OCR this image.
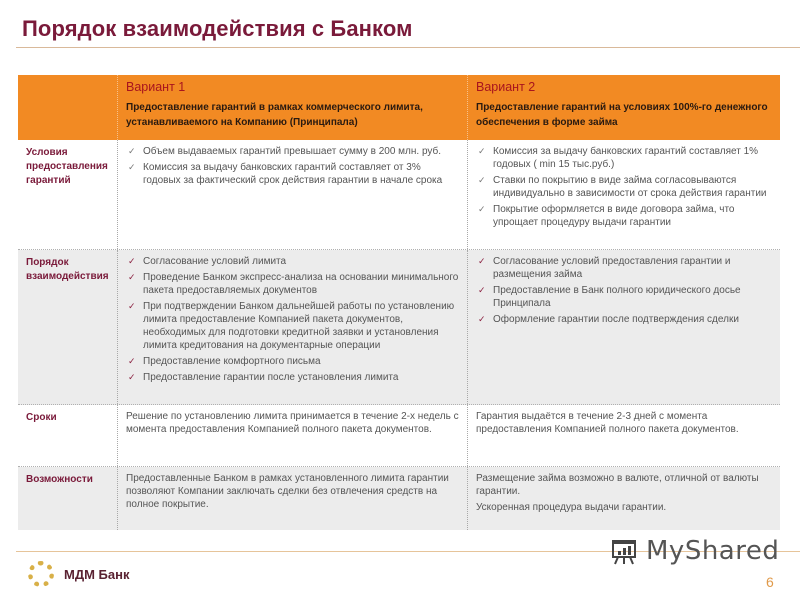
Порядок взаимодействия с Банком
Вариант 1
Предоставление гарантий в рамках коммерческого лимита, устанавливаемого на Компанию (Принципала)
Вариант 2
Предоставление гарантий на условиях 100%-го денежного обеспечения в форме займа
Условия предоставления гарантий
✓ Объем выдаваемых гарантий превышает сумму в 200 млн. руб.
✓ Комиссия за выдачу банковских гарантий составляет от 3% годовых за фактический срок действия гарантии в начале срока
✓ Комиссия за выдачу банковских гарантий составляет 1% годовых ( min 15 тыс.руб.)
✓ Ставки по покрытию в виде займа согласовываются индивидуально в зависимости от срока действия гарантии
✓ Покрытие оформляется в виде договора займа, что упрощает процедуру выдачи гарантии
Порядок взаимодействия
✓ Согласование условий лимита
✓ Проведение Банком экспресс-анализа на основании минимального пакета предоставляемых документов
✓ При подтверждении Банком дальнейшей работы по установлению лимита предоставление Компанией пакета документов, необходимых для подготовки кредитной заявки и установления лимита кредитования на документарные операции
✓ Предоставление комфортного письма
✓ Предоставление гарантии после установления лимита
✓ Согласование условий предоставления гарантии и размещения займа
✓ Предоставление в Банк полного юридического досье Принципала
✓ Оформление гарантии после подтверждения сделки
Сроки	Решение по установлению лимита принимается в течение 2-х недель с момента предоставления Компанией полного пакета документов.
Гарантия выдаётся в течение 2-3 дней с момента предоставления Компанией полного пакета документов.
Возможности	Предоставленные Банком в рамках установленного лимита гарантии позволяют Компании заключать сделки без отвлечения средств на полное покрытие.
Размещение займа возможно в валюте, отличной от валюты гарантии.
Ускоренная процедура выдачи гарантии.
МДМ Банк
MyShared
6
